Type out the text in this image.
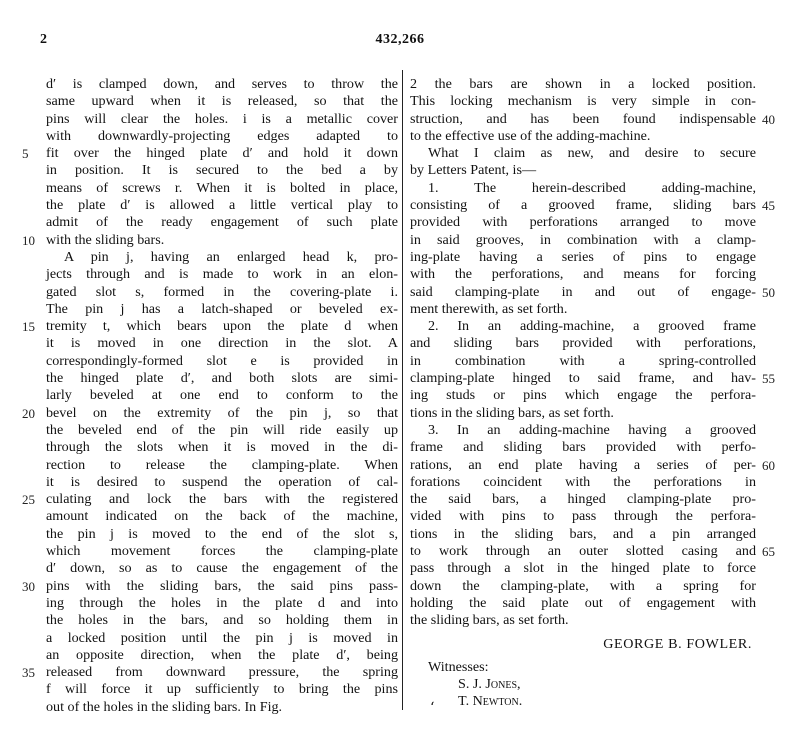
2	432,266
d′ is clamped down, and serves to throw the
same upward when it is released, so that the
pins will clear the holes. i is a metallic cover
with downwardly-projecting edges adapted to
fit over the hinged plate d′ and hold it down
in position. It is secured to the bed a by
means of screws r. When it is bolted in place,
the plate d′ is allowed a little vertical play to
admit of the ready engagement of such plate
with the sliding bars.
A pin j, having an enlarged head k, pro-
jects through and is made to work in an elon-
gated slot s, formed in the covering-plate i.
The pin j has a latch-shaped or beveled ex-
tremity t, which bears upon the plate d when
it is moved in one direction in the slot. A
correspondingly-formed slot e is provided in
the hinged plate d′, and both slots are simi-
larly beveled at one end to conform to the
bevel on the extremity of the pin j, so that
the beveled end of the pin will ride easily up
through the slots when it is moved in the di-
rection to release the clamping-plate. When
it is desired to suspend the operation of cal-
culating and lock the bars with the registered
amount indicated on the back of the machine,
the pin j is moved to the end of the slot s,
which movement forces the clamping-plate
d′ down, so as to cause the engagement of the
pins with the sliding bars, the said pins pass-
ing through the holes in the plate d and into
the holes in the bars, and so holding them in
a locked position until the pin j is moved in
an opposite direction, when the plate d′, being
released from downward pressure, the spring
f will force it up sufficiently to bring the pins
out of the holes in the sliding bars. In Fig.
2 the bars are shown in a locked position.
This locking mechanism is very simple in con-
struction, and has been found indispensable
to the effective use of the adding-machine.
What I claim as new, and desire to secure
by Letters Patent, is—
1. The herein-described adding-machine,
consisting of a grooved frame, sliding bars
provided with perforations arranged to move
in said grooves, in combination with a clamp-
ing-plate having a series of pins to engage
with the perforations, and means for forcing
said clamping-plate in and out of engage-
ment therewith, as set forth.
2. In an adding-machine, a grooved frame
and sliding bars provided with perforations,
in combination with a spring-controlled
clamping-plate hinged to said frame, and hav-
ing studs or pins which engage the perfora-
tions in the sliding bars, as set forth.
3. In an adding-machine having a grooved
frame and sliding bars provided with perfo-
rations, an end plate having a series of per-
forations coincident with the perforations in
the said bars, a hinged clamping-plate pro-
vided with pins to pass through the perfora-
tions in the sliding bars, and a pin arranged
to work through an outer slotted casing and
pass through a slot in the hinged plate to force
down the clamping-plate, with a spring for
holding the said plate out of engagement with
the sliding bars, as set forth.
GEORGE B. FOWLER.
Witnesses:
S. J. Jones,
T. Newton.
5
10
15
20
25
30
35
40
45
50
55
60
65
‘
